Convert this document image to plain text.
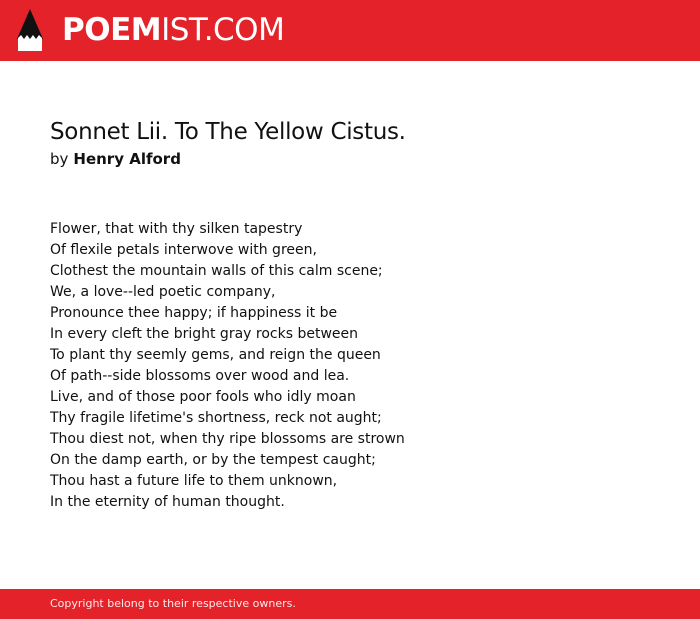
POEMIST.COM
Sonnet Lii. To The Yellow Cistus.
by Henry Alford
Flower, that with thy silken tapestry
Of flexile petals interwove with green,
Clothest the mountain walls of this calm scene;
We, a love--led poetic company,
Pronounce thee happy; if happiness it be
In every cleft the bright gray rocks between
To plant thy seemly gems, and reign the queen
Of path--side blossoms over wood and lea.
Live, and of those poor fools who idly moan
Thy fragile lifetime's shortness, reck not aught;
Thou diest not, when thy ripe blossoms are strown
On the damp earth, or by the tempest caught;
Thou hast a future life to them unknown,
In the eternity of human thought.
Copyright belong to their respective owners.
